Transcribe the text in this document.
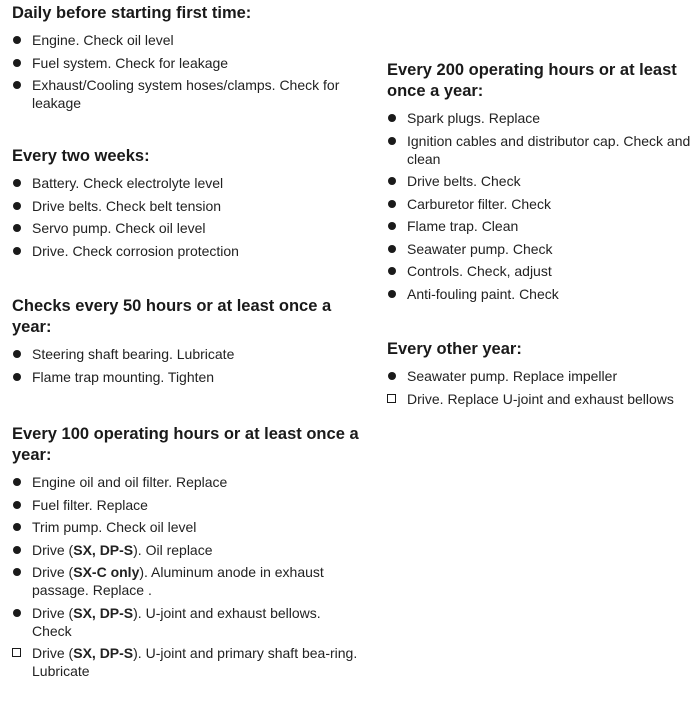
Daily before starting first time:
Engine. Check oil level
Fuel system. Check for leakage
Exhaust/Cooling system hoses/clamps. Check for leakage
Every two weeks:
Battery. Check electrolyte level
Drive belts. Check belt tension
Servo pump. Check oil level
Drive. Check corrosion protection
Checks every 50 hours or at least once a year:
Steering shaft bearing. Lubricate
Flame trap mounting. Tighten
Every 100 operating hours or at least once a year:
Engine oil and oil filter. Replace
Fuel filter. Replace
Trim pump. Check oil level
Drive (SX, DP-S). Oil replace
Drive (SX-C only). Aluminum anode in exhaust passage. Replace .
Drive (SX, DP-S). U-joint and exhaust bellows. Check
Drive (SX, DP-S). U-joint and primary shaft bea-ring. Lubricate
Every 200 operating hours or at least once a year:
Spark plugs. Replace
Ignition cables and distributor cap. Check and clean
Drive belts. Check
Carburetor filter. Check
Flame trap. Clean
Seawater pump. Check
Controls. Check, adjust
Anti-fouling paint. Check
Every other year:
Seawater pump. Replace impeller
Drive. Replace U-joint and exhaust bellows
